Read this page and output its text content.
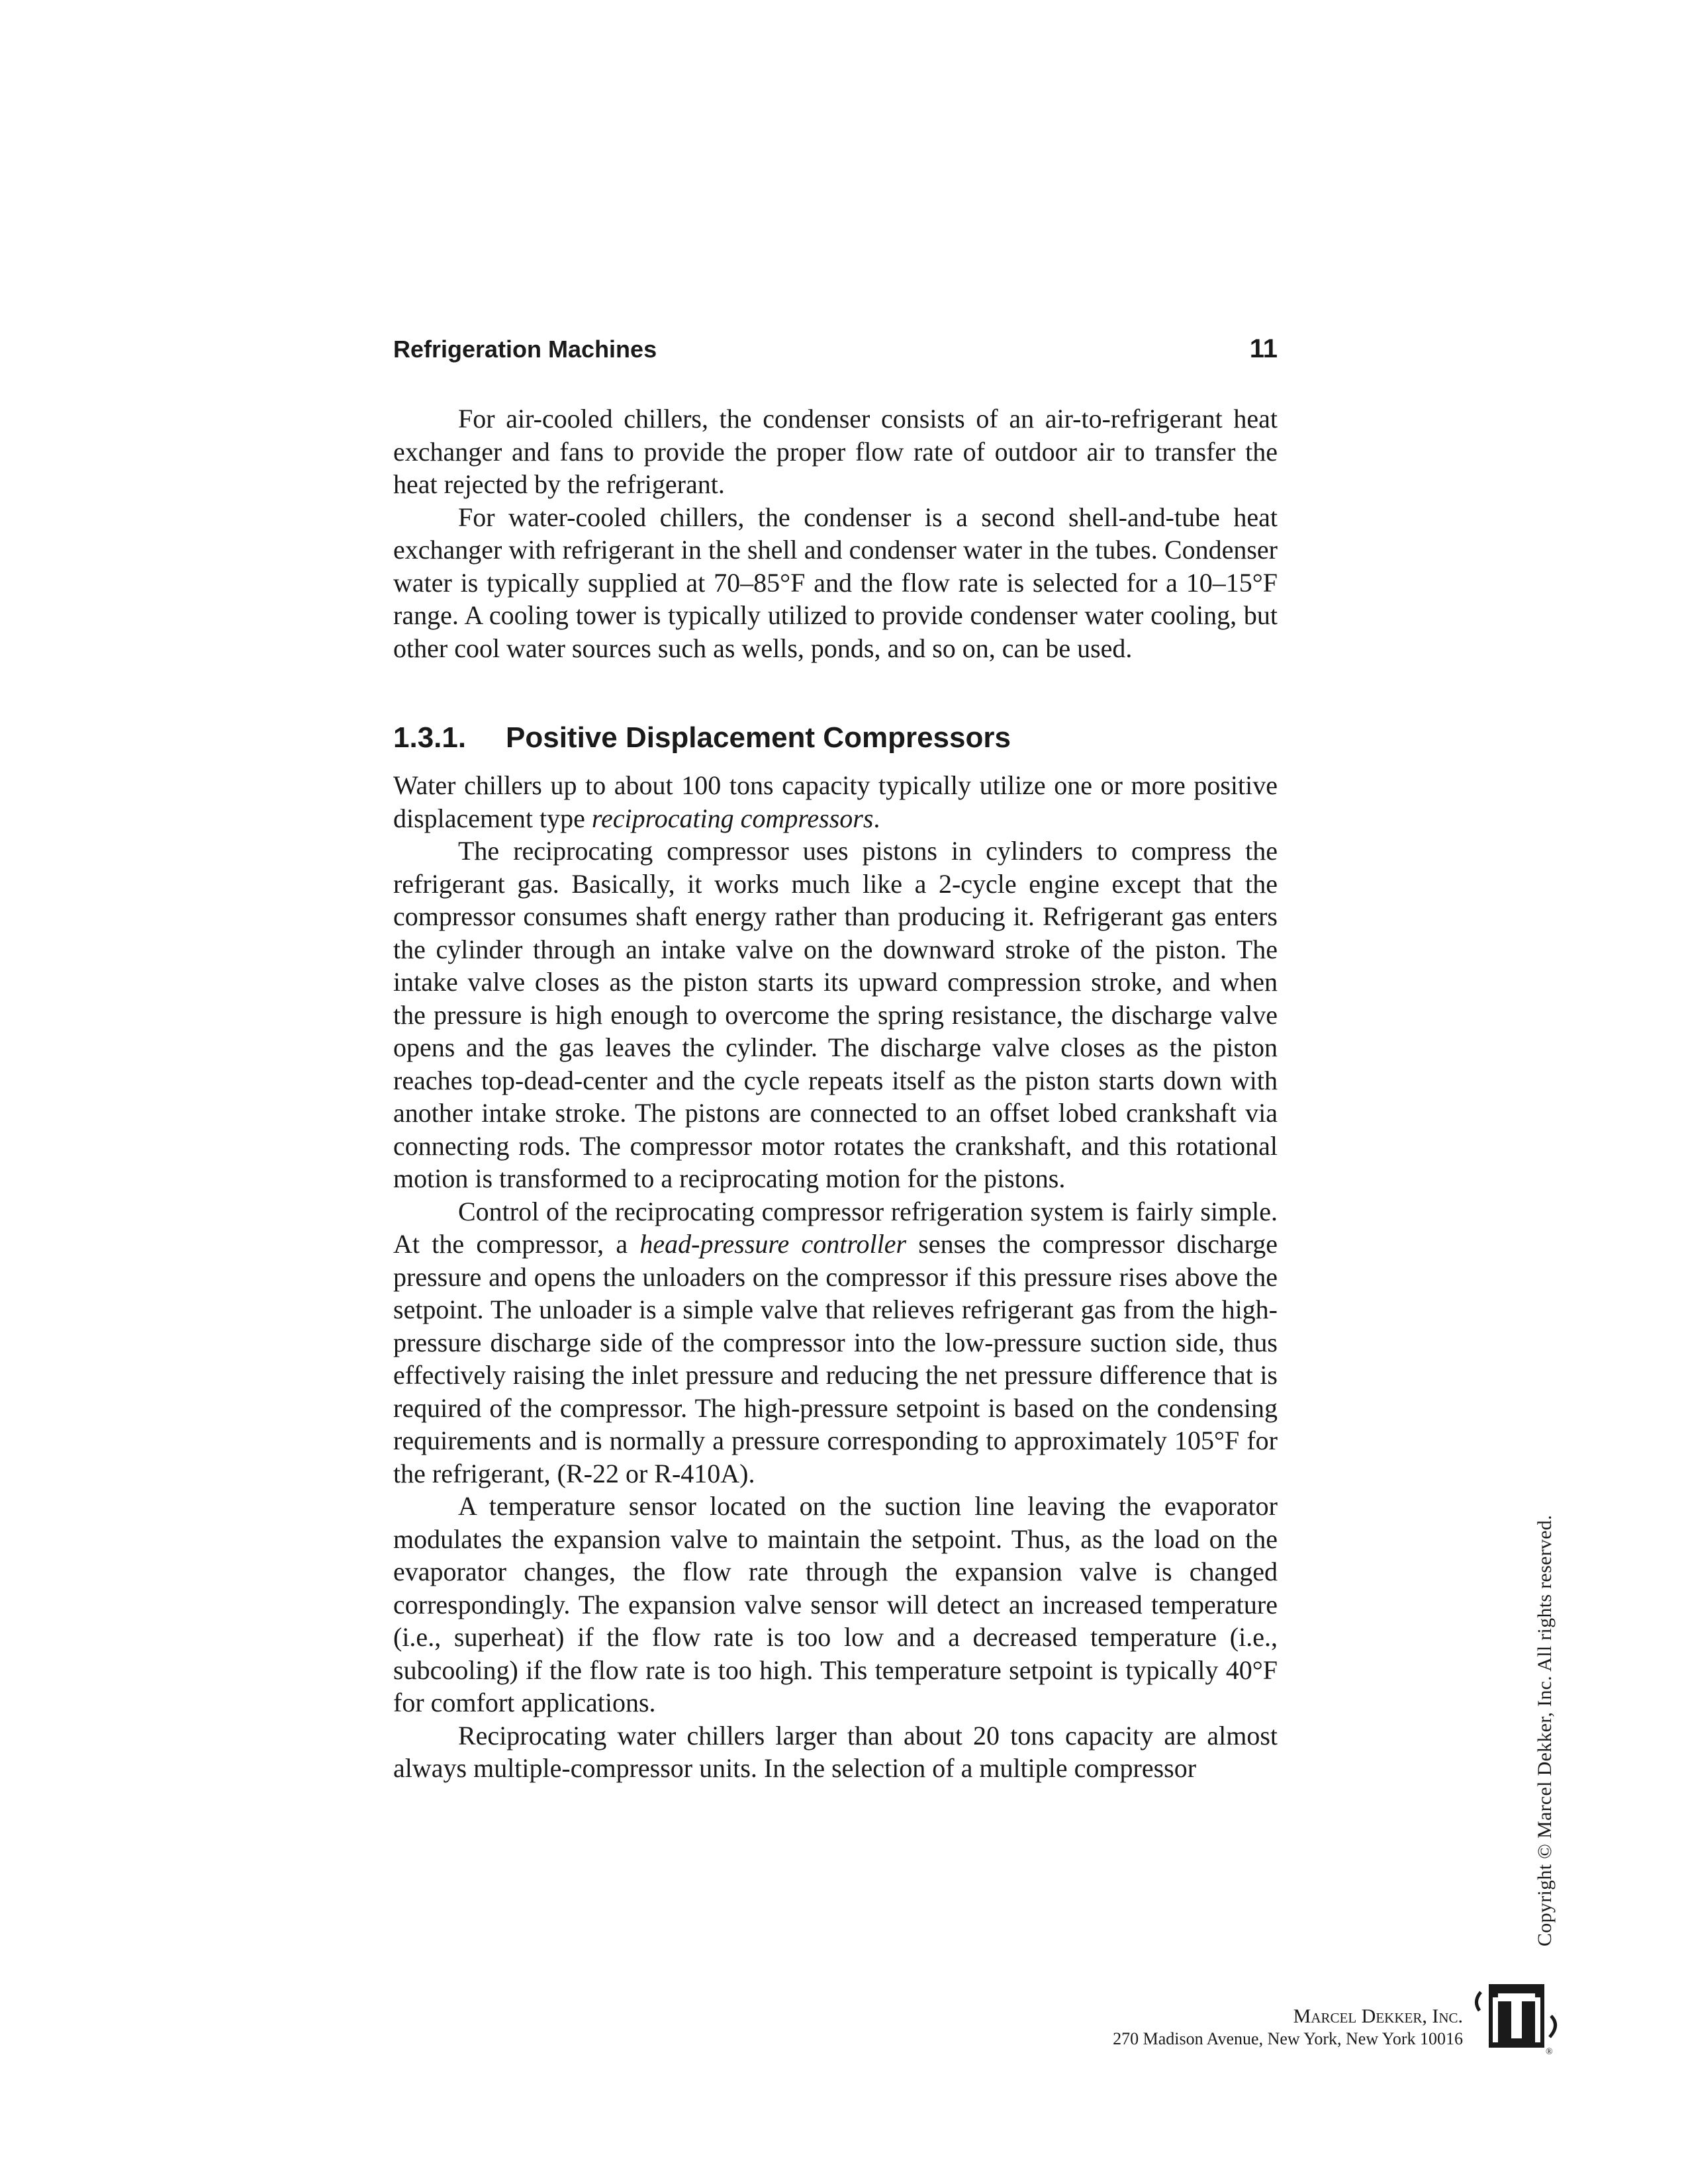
Refrigeration Machines	11

For air-cooled chillers, the condenser consists of an air-to-refrigerant heat exchanger and fans to provide the proper flow rate of outdoor air to transfer the heat rejected by the refrigerant.

For water-cooled chillers, the condenser is a second shell-and-tube heat exchanger with refrigerant in the shell and condenser water in the tubes. Condenser water is typically supplied at 70–85°F and the flow rate is selected for a 10–15°F range. A cooling tower is typically utilized to provide condenser water cooling, but other cool water sources such as wells, ponds, and so on, can be used.

1.3.1. Positive Displacement Compressors

Water chillers up to about 100 tons capacity typically utilize one or more positive displacement type reciprocating compressors.

The reciprocating compressor uses pistons in cylinders to compress the refrigerant gas. Basically, it works much like a 2-cycle engine except that the compressor consumes shaft energy rather than producing it. Refrigerant gas enters the cylinder through an intake valve on the downward stroke of the piston. The intake valve closes as the piston starts its upward compression stroke, and when the pressure is high enough to overcome the spring resistance, the discharge valve opens and the gas leaves the cylinder. The discharge valve closes as the piston reaches top-dead-center and the cycle repeats itself as the piston starts down with another intake stroke. The pistons are connected to an offset lobed crankshaft via connecting rods. The compressor motor rotates the crankshaft, and this rotational motion is transformed to a reciprocating motion for the pistons.

Control of the reciprocating compressor refrigeration system is fairly simple. At the compressor, a head-pressure controller senses the compressor discharge pressure and opens the unloaders on the compressor if this pressure rises above the setpoint. The unloader is a simple valve that relieves refrigerant gas from the high-pressure discharge side of the compressor into the low-pressure suction side, thus effectively raising the inlet pressure and reducing the net pressure difference that is required of the compressor. The high-pressure setpoint is based on the condensing requirements and is normally a pressure corresponding to approximately 105°F for the refrigerant, (R-22 or R-410A).

A temperature sensor located on the suction line leaving the evaporator modulates the expansion valve to maintain the setpoint. Thus, as the load on the evaporator changes, the flow rate through the expansion valve is changed correspondingly. The expansion valve sensor will detect an increased temperature (i.e., superheat) if the flow rate is too low and a decreased temperature (i.e., subcooling) if the flow rate is too high. This temperature setpoint is typically 40°F for comfort applications.

Reciprocating water chillers larger than about 20 tons capacity are almost always multiple-compressor units. In the selection of a multiple compressor	Copyright © Marcel Dekker, Inc. All rights reserved.
Marcel Dekker, Inc.
270 Madison Avenue, New York, New York 10016
®
